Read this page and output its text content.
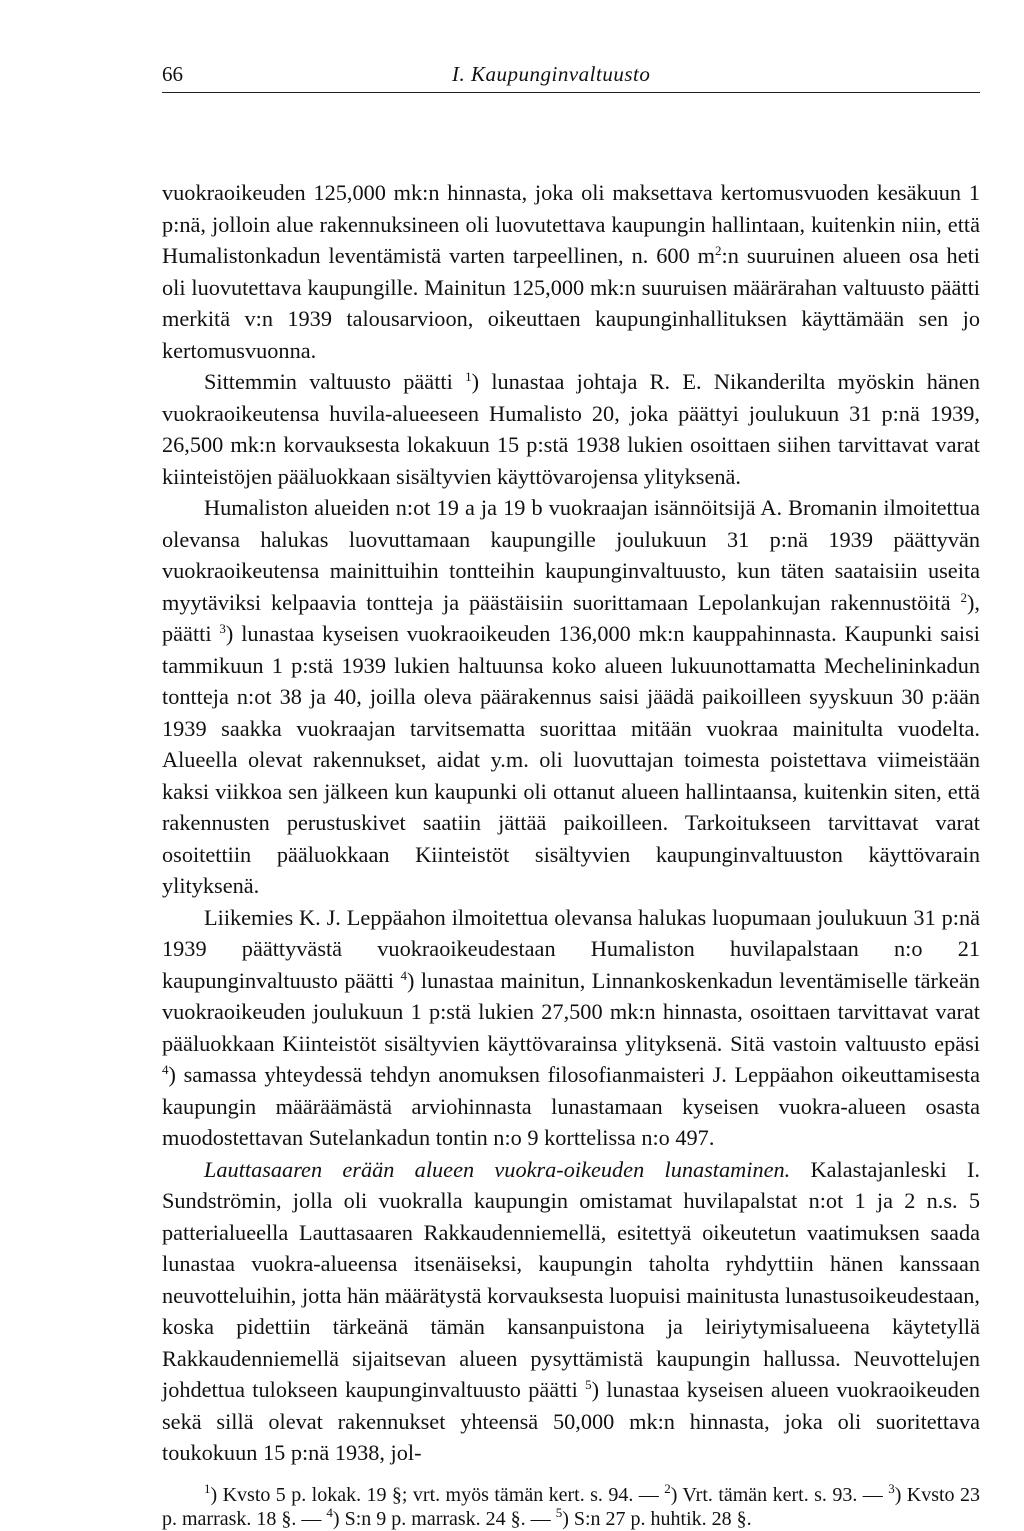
66	I. Kaupunginvaltuusto

vuokraoikeuden 125,000 mk:n hinnasta, joka oli maksettava kertomusvuoden kesäkuun 1 p:nä, jolloin alue rakennuksineen oli luovutettava kaupungin hallintaan, kuitenkin niin, että Humalistonkadun leventämistä varten tarpeellinen, n. 600 $m^2:n$ suuruinen alueen osa heti oli luovutettava kaupungille. Mainitun 125,000 mk:n suuruisen määrärahan valtuusto päätti merkitä v:n 1939 talousarvioon, oikeuttaen kaupunginhallituksen käyttämään sen jo kertomusvuonna.

Sittemmin valtuusto päätti $^1$) lunastaa johtaja R. E. Nikanderilta myöskin hänen vuokraoikeutensa huvila-alueeseen Humalisto 20, joka päättyi joulukuun 31 p:nä 1939, 26,500 mk:n korvauksesta lokakuun 15 p:stä 1938 lukien osoittaen siihen tarvittavat varat kiinteistöjen pääluokkaan sisältyvien käyttövarojensa ylityksenä.

Humaliston alueiden n:ot 19 a ja 19 b vuokraajan isännöitsijä A. Bromanin ilmoitettua olevansa halukas luovuttamaan kaupungille joulukuun 31 p:nä 1939 päättyvän vuokraoikeutensa mainittuihin tontteihin kaupunginvaltuusto, kun täten saataisiin useita myytäviksi kelpaavia tontteja ja päästäisiin suorittamaan Lepolankujan rakennustöitä $^2$), päätti $^3$) lunastaa kyseisen vuokraoikeuden 136,000 mk:n kauppahinnasta. Kaupunki saisi tammikuun 1 p:stä 1939 lukien haltuunsa koko alueen lukuunottamatta Mechelininkadun tontteja n:ot 38 ja 40, joilla oleva päärakennus saisi jäädä paikoilleen syyskuun 30 p:ään 1939 saakka vuokraajan tarvitsematta suorittaa mitään vuokraa mainitulta vuodelta. Alueella olevat rakennukset, aidat y.m. oli luovuttajan toimesta poistettava viimeistään kaksi viikkoa sen jälkeen kun kaupunki oli ottanut alueen hallintaansa, kuitenkin siten, että rakennusten perustuskivet saatiin jättää paikoilleen. Tarkoitukseen tarvittavat varat osoitettiin pääluokkaan Kiinteistöt sisältyvien kaupunginvaltuuston käyttövarain ylityksenä.

Liikemies K. J. Leppäahon ilmoitettua olevansa halukas luopumaan joulukuun 31 p:nä 1939 päättyvästä vuokraoikeudestaan Humaliston huvilapalstaan n:o 21 kaupunginvaltuusto päätti $^4$) lunastaa mainitun, Linnankoskenkadun leventämiselle tärkeän vuokraoikeuden joulukuun 1 p:stä lukien 27,500 mk:n hinnasta, osoittaen tarvittavat varat pääluokkaan Kiinteistöt sisältyvien käyttövarainsa ylityksenä. Sitä vastoin valtuusto epäsi $^4$) samassa yhteydessä tehdyn anomuksen filosofianmaisteri J. Leppäahon oikeuttamisesta kaupungin määräämästä arviohinnasta lunastamaan kyseisen vuokra-alueen osasta muodostettavan Sutelankadun tontin n:o 9 korttelissa n:o 497.

Lauttasaaren erään alueen vuokra-oikeuden lunastaminen. Kalastajanleski I. Sundströmin, jolla oli vuokralla kaupungin omistamat huvilapalstat n:ot 1 ja 2 n.s. 5 patterialueella Lauttasaaren Rakkaudenniemellä, esitettyä oikeutetun vaatimuksen saada lunastaa vuokra-alueensa itsenäiseksi, kaupungin taholta ryhdyttiin hänen kanssaan neuvotteluihin, jotta hän määrätystä korvauksesta luopuisi mainitusta lunastusoikeudestaan, koska pidettiin tärkeänä tämän kansanpuistona ja leiriytymisalueena käytetyllä Rakkaudenniemellä sijaitsevan alueen pysyttämistä kaupungin hallussa. Neuvottelujen johdettua tulokseen kaupunginvaltuusto päätti $^5$) lunastaa kyseisen alueen vuokraoikeuden sekä sillä olevat rakennukset yhteensä 50,000 mk:n hinnasta, joka oli suoritettava toukokuun 15 p:nä 1938, jol-

$^1$) Kvsto 5 p. lokak. 19 §; vrt. myös tämän kert. s. 94. — $^2$) Vrt. tämän kert. s. 93. — $^3$) Kvsto 23 p. marrask. 18 §. — $^4$) S:n 9 p. marrask. 24 §. — $^5$) S:n 27 p. huhtik. 28 §.
